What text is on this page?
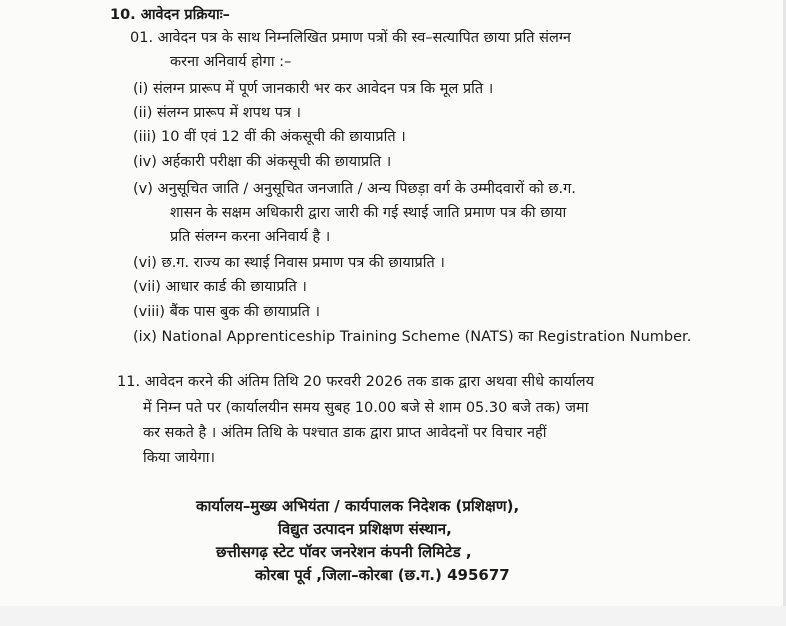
10. आवेदन प्रक्रियाः–
01. आवेदन पत्र के साथ निम्नलिखित प्रमाण पत्रों की स्व–सत्यापित छाया प्रति संलग्न
करना अनिवार्य होगा :–
(i) संलग्न प्रारूप में पूर्ण जानकारी भर कर आवेदन पत्र कि मूल प्रति ।
(ii) संलग्न प्रारूप में शपथ पत्र ।
(iii) 10 वीं एवं 12 वीं की अंकसूची की छायाप्रति ।
(iv) अर्हकारी परीक्षा की अंकसूची की छायाप्रति ।
(v) अनुसूचित जाति / अनुसूचित जनजाति / अन्य पिछड़ा वर्ग के उम्मीदवारों को छ.ग.
शासन के सक्षम अधिकारी द्वारा जारी की गई स्थाई जाति प्रमाण पत्र की छाया
प्रति संलग्न करना अनिवार्य है ।
(vi) छ.ग. राज्य का स्थाई निवास प्रमाण पत्र की छायाप्रति ।
(vii) आधार कार्ड की छायाप्रति ।
(viii) बैंक पास बुक की छायाप्रति ।
(ix) National Apprenticeship Training Scheme (NATS) का Registration Number.
11. आवेदन करने की अंतिम तिथि 20 फरवरी 2026 तक डाक द्वारा अथवा सीधे कार्यालय
में निम्न पते पर (कार्यालयीन समय सुबह 10.00 बजे से शाम 05.30 बजे तक) जमा
कर सकते है । अंतिम तिथि के पश्चात डाक द्वारा प्राप्त आवेदनों पर विचार नहीं
किया जायेगा।
कार्यालय–मुख्य अभियंता / कार्यपालक निदेशक (प्रशिक्षण),
विद्युत उत्पादन प्रशिक्षण संस्थान,
छत्तीसगढ़ स्टेट पॉवर जनरेशन कंपनी लिमिटेड ,
कोरबा पूर्व ,जिला–कोरबा (छ.ग.) 495677
